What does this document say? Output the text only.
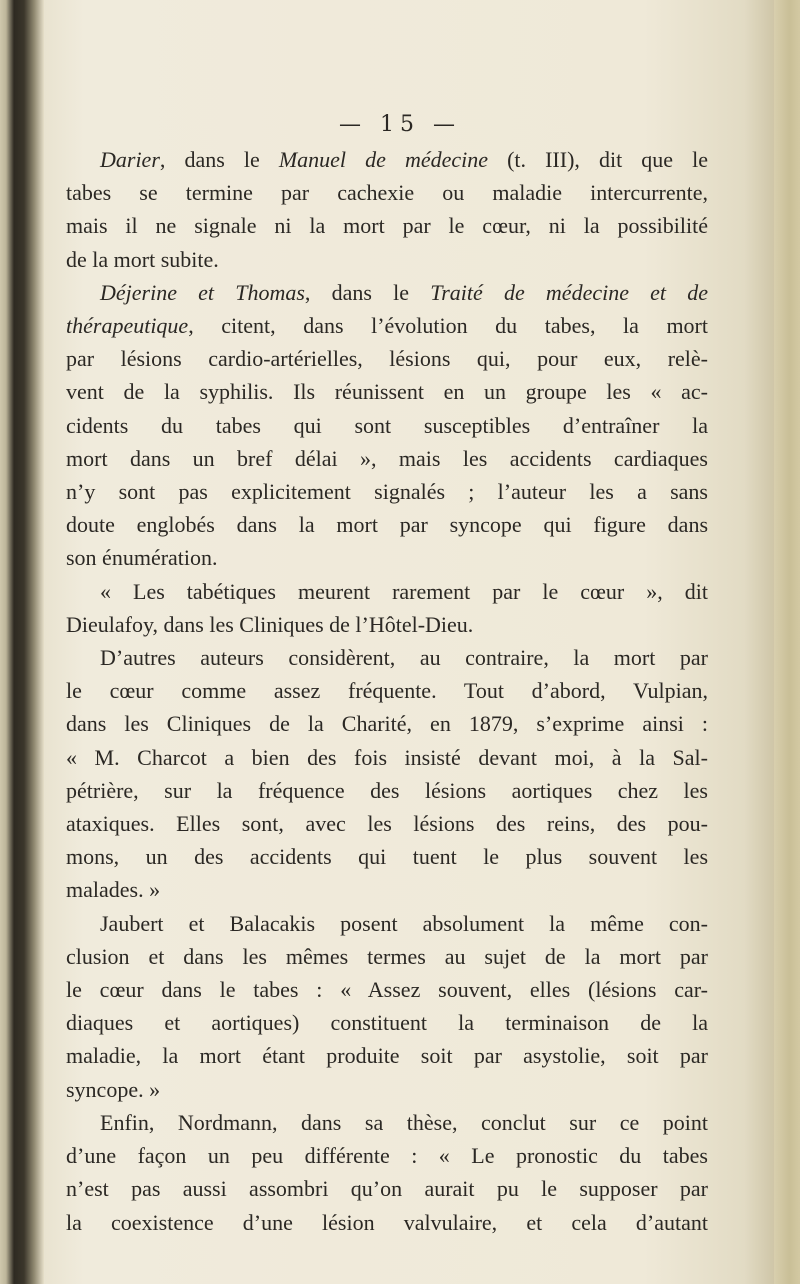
— 15 —
Darier, dans le Manuel de médecine (t. III), dit que le
tabes se termine par cachexie ou maladie intercurrente,
mais il ne signale ni la mort par le cœur, ni la possibilité
de la mort subite.
Déjerine et Thomas, dans le Traité de médecine et de
thérapeutique, citent, dans l’évolution du tabes, la mort
par lésions cardio-artérielles, lésions qui, pour eux, relè-
vent de la syphilis. Ils réunissent en un groupe les « ac-
cidents du tabes qui sont susceptibles d’entraîner la
mort dans un bref délai », mais les accidents cardiaques
n’y sont pas explicitement signalés ; l’auteur les a sans
doute englobés dans la mort par syncope qui figure dans
son énumération.
« Les tabétiques meurent rarement par le cœur », dit
Dieulafoy, dans les Cliniques de l’Hôtel-Dieu.
D’autres auteurs considèrent, au contraire, la mort par
le cœur comme assez fréquente. Tout d’abord, Vulpian,
dans les Cliniques de la Charité, en 1879, s’exprime ainsi :
« M. Charcot a bien des fois insisté devant moi, à la Sal-
pétrière, sur la fréquence des lésions aortiques chez les
ataxiques. Elles sont, avec les lésions des reins, des pou-
mons, un des accidents qui tuent le plus souvent les
malades. »
Jaubert et Balacakis posent absolument la même con-
clusion et dans les mêmes termes au sujet de la mort par
le cœur dans le tabes : « Assez souvent, elles (lésions car-
diaques et aortiques) constituent la terminaison de la
maladie, la mort étant produite soit par asystolie, soit par
syncope. »
Enfin, Nordmann, dans sa thèse, conclut sur ce point
d’une façon un peu différente : « Le pronostic du tabes
n’est pas aussi assombri qu’on aurait pu le supposer par
la coexistence d’une lésion valvulaire, et cela d’autant
